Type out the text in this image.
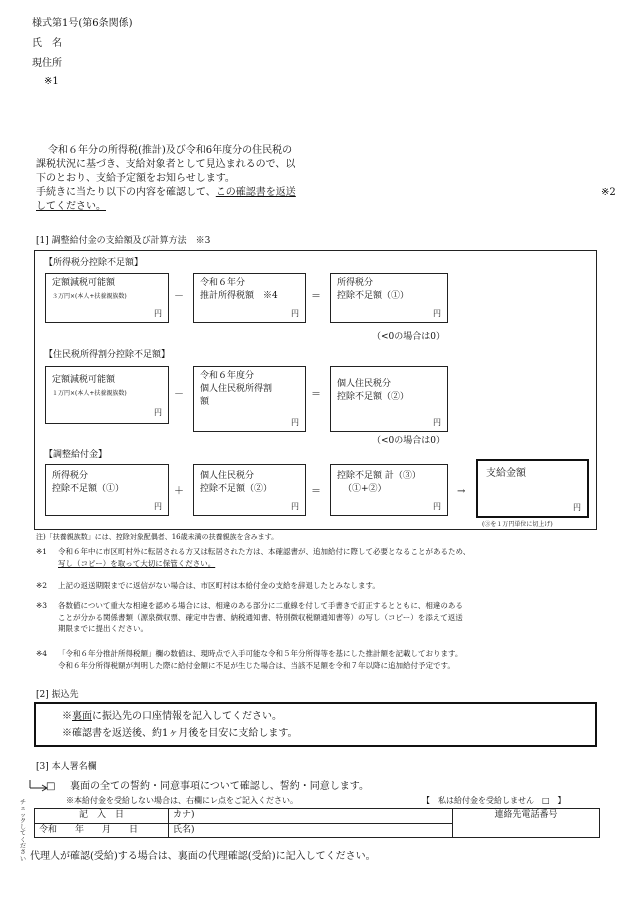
様式第1号(第6条関係)
氏　名
現住所
※1
令和６年分の所得税(推計)及び令和6年度分の住民税の
課税状況に基づき、支給対象者として見込まれるので、以
下のとおり、支給予定額をお知らせします。
手続きに当たり以下の内容を確認して、この確認書を返送
してください。
※2
[1] 調整給付金の支給額及び計算方法　※3
【所得税分控除不足額】
定額減税可能額
３万円×(本人+扶養親族数)
円
－
令和６年分
推計所得税額　※4
円
＝
所得税分
控除不足額（①）
円
（<0の場合は0）
【住民税所得割分控除不足額】
定額減税可能額
１万円×(本人+扶養親族数)
円
－
令和６年度分
個人住民税所得割
額
円
＝
個人住民税分
控除不足額（②）
円
（<0の場合は0）
【調整給付金】
所得税分
控除不足額（①）
円
＋
個人住民税分
控除不足額（②）
円
＝
控除不足額 計（③）
（①+②）
円
→
支給金額
円
(③を１万円単位に切上げ)
注)「扶養親族数」には、控除対象配偶者、16歳未満の扶養親族を含みます。
※1 令和６年中に市区町村外に転居される方又は転居された方は、本確認書が、追加給付に際して必要となることがあるため、
写し（コピー）を取って大切に保管ください。
※2 上記の返送期限までに返信がない場合は、市区町村は本給付金の支給を辞退したとみなします。
※3 各数値について重大な相違を認める場合には、相違のある部分に二重線を付して手書きで訂正するとともに、相違のある
ことが分かる関係書類（源泉徴収票、確定申告書、納税通知書、特別徴収税額通知書等）の写し（コピー）を添えて返送
期限までに提出ください。
※4 「令和６年分推計所得税額」欄の数値は、現時点で入手可能な令和５年分所得等を基にした推計額を記載しております。
令和６年分所得税額が判明した際に給付金額に不足が生じた場合は、当該不足額を令和７年以降に追加給付予定です。
[2] 振込先
※裏面に振込先の口座情報を記入してください。
※確認書を返送後、約1ヶ月後を目安に支給します。
[3] 本人署名欄
□ 裏面の全ての誓約・同意事項について確認し、誓約・同意します。
※本給付金を受給しない場合は、右欄にレ点をご記入ください。	【　私は給付金を受給しません　□　】
チェックしてください
記　入　日	カナ)	連絡先電話番号
令和　　年　　月　　日	氏名)	
代理人が確認(受給)する場合は、裏面の代理確認(受給)に記入してください。
